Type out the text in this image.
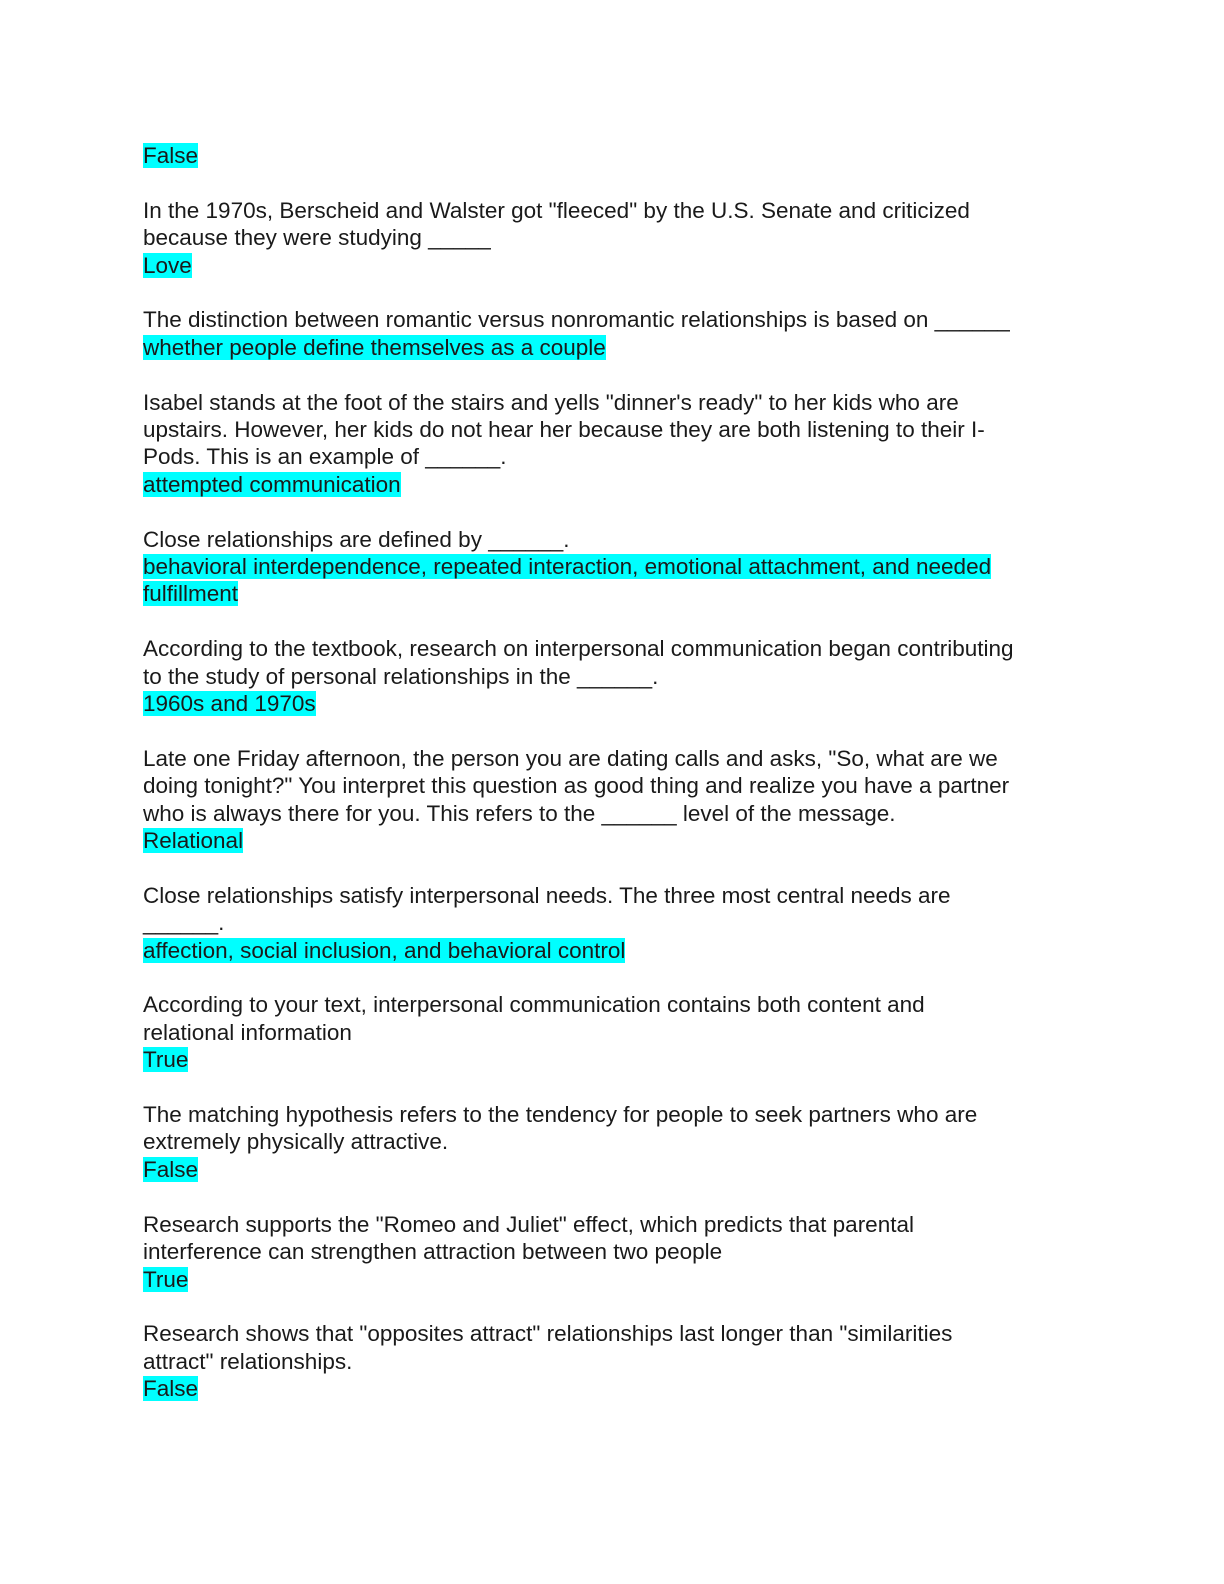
False
In the 1970s, Berscheid and Walster got "fleeced" by the U.S. Senate and criticized
because they were studying _____
Love
The distinction between romantic versus nonromantic relationships is based on ______
whether people define themselves as a couple
Isabel stands at the foot of the stairs and yells "dinner's ready" to her kids who are
upstairs. However, her kids do not hear her because they are both listening to their I-
Pods. This is an example of ______.
attempted communication
Close relationships are defined by ______.
behavioral interdependence, repeated interaction, emotional attachment, and needed
fulfillment
According to the textbook, research on interpersonal communication began contributing
to the study of personal relationships in the ______.
1960s and 1970s
Late one Friday afternoon, the person you are dating calls and asks, "So, what are we
doing tonight?" You interpret this question as good thing and realize you have a partner
who is always there for you. This refers to the ______ level of the message.
Relational
Close relationships satisfy interpersonal needs. The three most central needs are
______.
affection, social inclusion, and behavioral control
According to your text, interpersonal communication contains both content and
relational information
True
The matching hypothesis refers to the tendency for people to seek partners who are
extremely physically attractive.
False
Research supports the "Romeo and Juliet" effect, which predicts that parental
interference can strengthen attraction between two people
True
Research shows that "opposites attract" relationships last longer than "similarities
attract" relationships.
False
